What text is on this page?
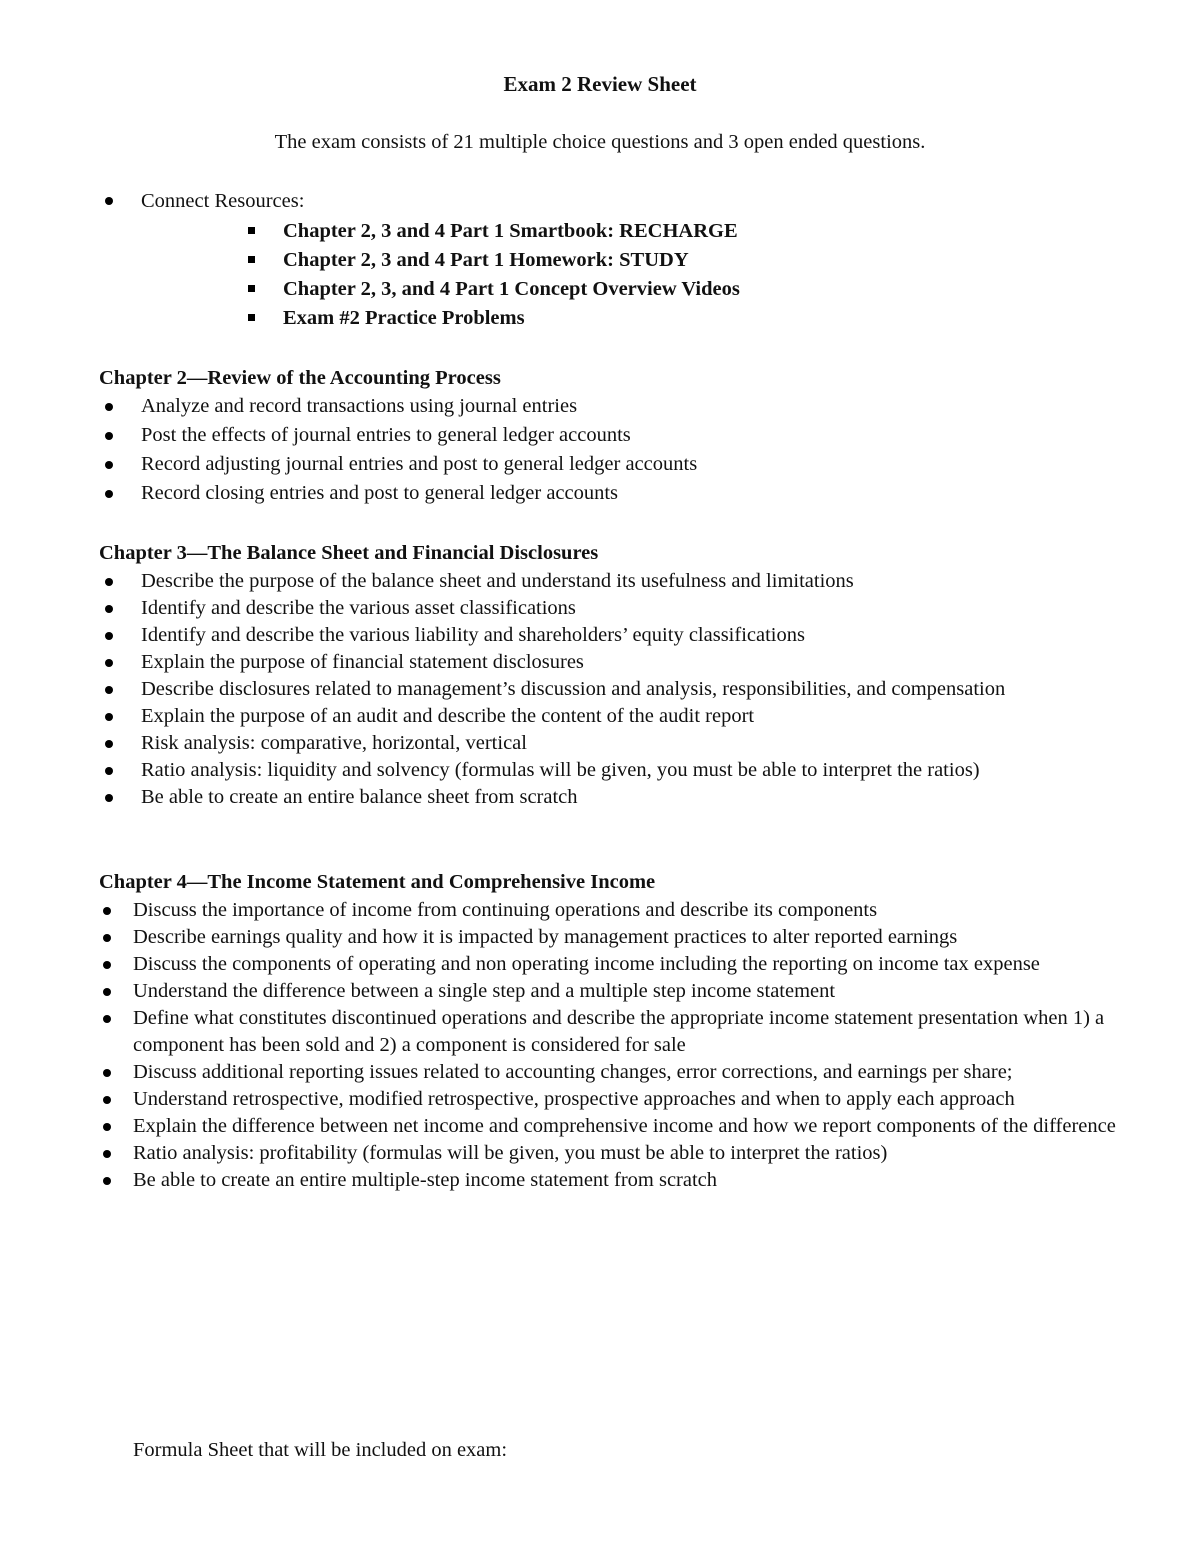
Exam 2 Review Sheet

The exam consists of 21 multiple choice questions and 3 open ended questions.

Connect Resources:
Chapter 2, 3 and 4 Part 1 Smartbook: RECHARGE
Chapter 2, 3 and 4 Part 1 Homework: STUDY
Chapter 2, 3, and 4 Part 1 Concept Overview Videos
Exam #2 Practice Problems
Chapter 2—Review of the Accounting Process
Analyze and record transactions using journal entries
Post the effects of journal entries to general ledger accounts
Record adjusting journal entries and post to general ledger accounts
Record closing entries and post to general ledger accounts
Chapter 3—The Balance Sheet and Financial Disclosures
Describe the purpose of the balance sheet and understand its usefulness and limitations
Identify and describe the various asset classifications
Identify and describe the various liability and shareholders’ equity classifications
Explain the purpose of financial statement disclosures
Describe disclosures related to management’s discussion and analysis, responsibilities, and compensation
Explain the purpose of an audit and describe the content of the audit report
Risk analysis: comparative, horizontal, vertical
Ratio analysis: liquidity and solvency (formulas will be given, you must be able to interpret the ratios)
Be able to create an entire balance sheet from scratch
Chapter 4—The Income Statement and Comprehensive Income
Discuss the importance of income from continuing operations and describe its components
Describe earnings quality and how it is impacted by management practices to alter reported earnings
Discuss the components of operating and non operating income including the reporting on income tax expense
Understand the difference between a single step and a multiple step income statement
Define what constitutes discontinued operations and describe the appropriate income statement presentation when 1) a component has been sold and 2) a component is considered for sale
Discuss additional reporting issues related to accounting changes, error corrections, and earnings per share;
Understand retrospective, modified retrospective, prospective approaches and when to apply each approach
Explain the difference between net income and comprehensive income and how we report components of the difference
Ratio analysis: profitability (formulas will be given, you must be able to interpret the ratios)
Be able to create an entire multiple-step income statement from scratch

Formula Sheet that will be included on exam:
